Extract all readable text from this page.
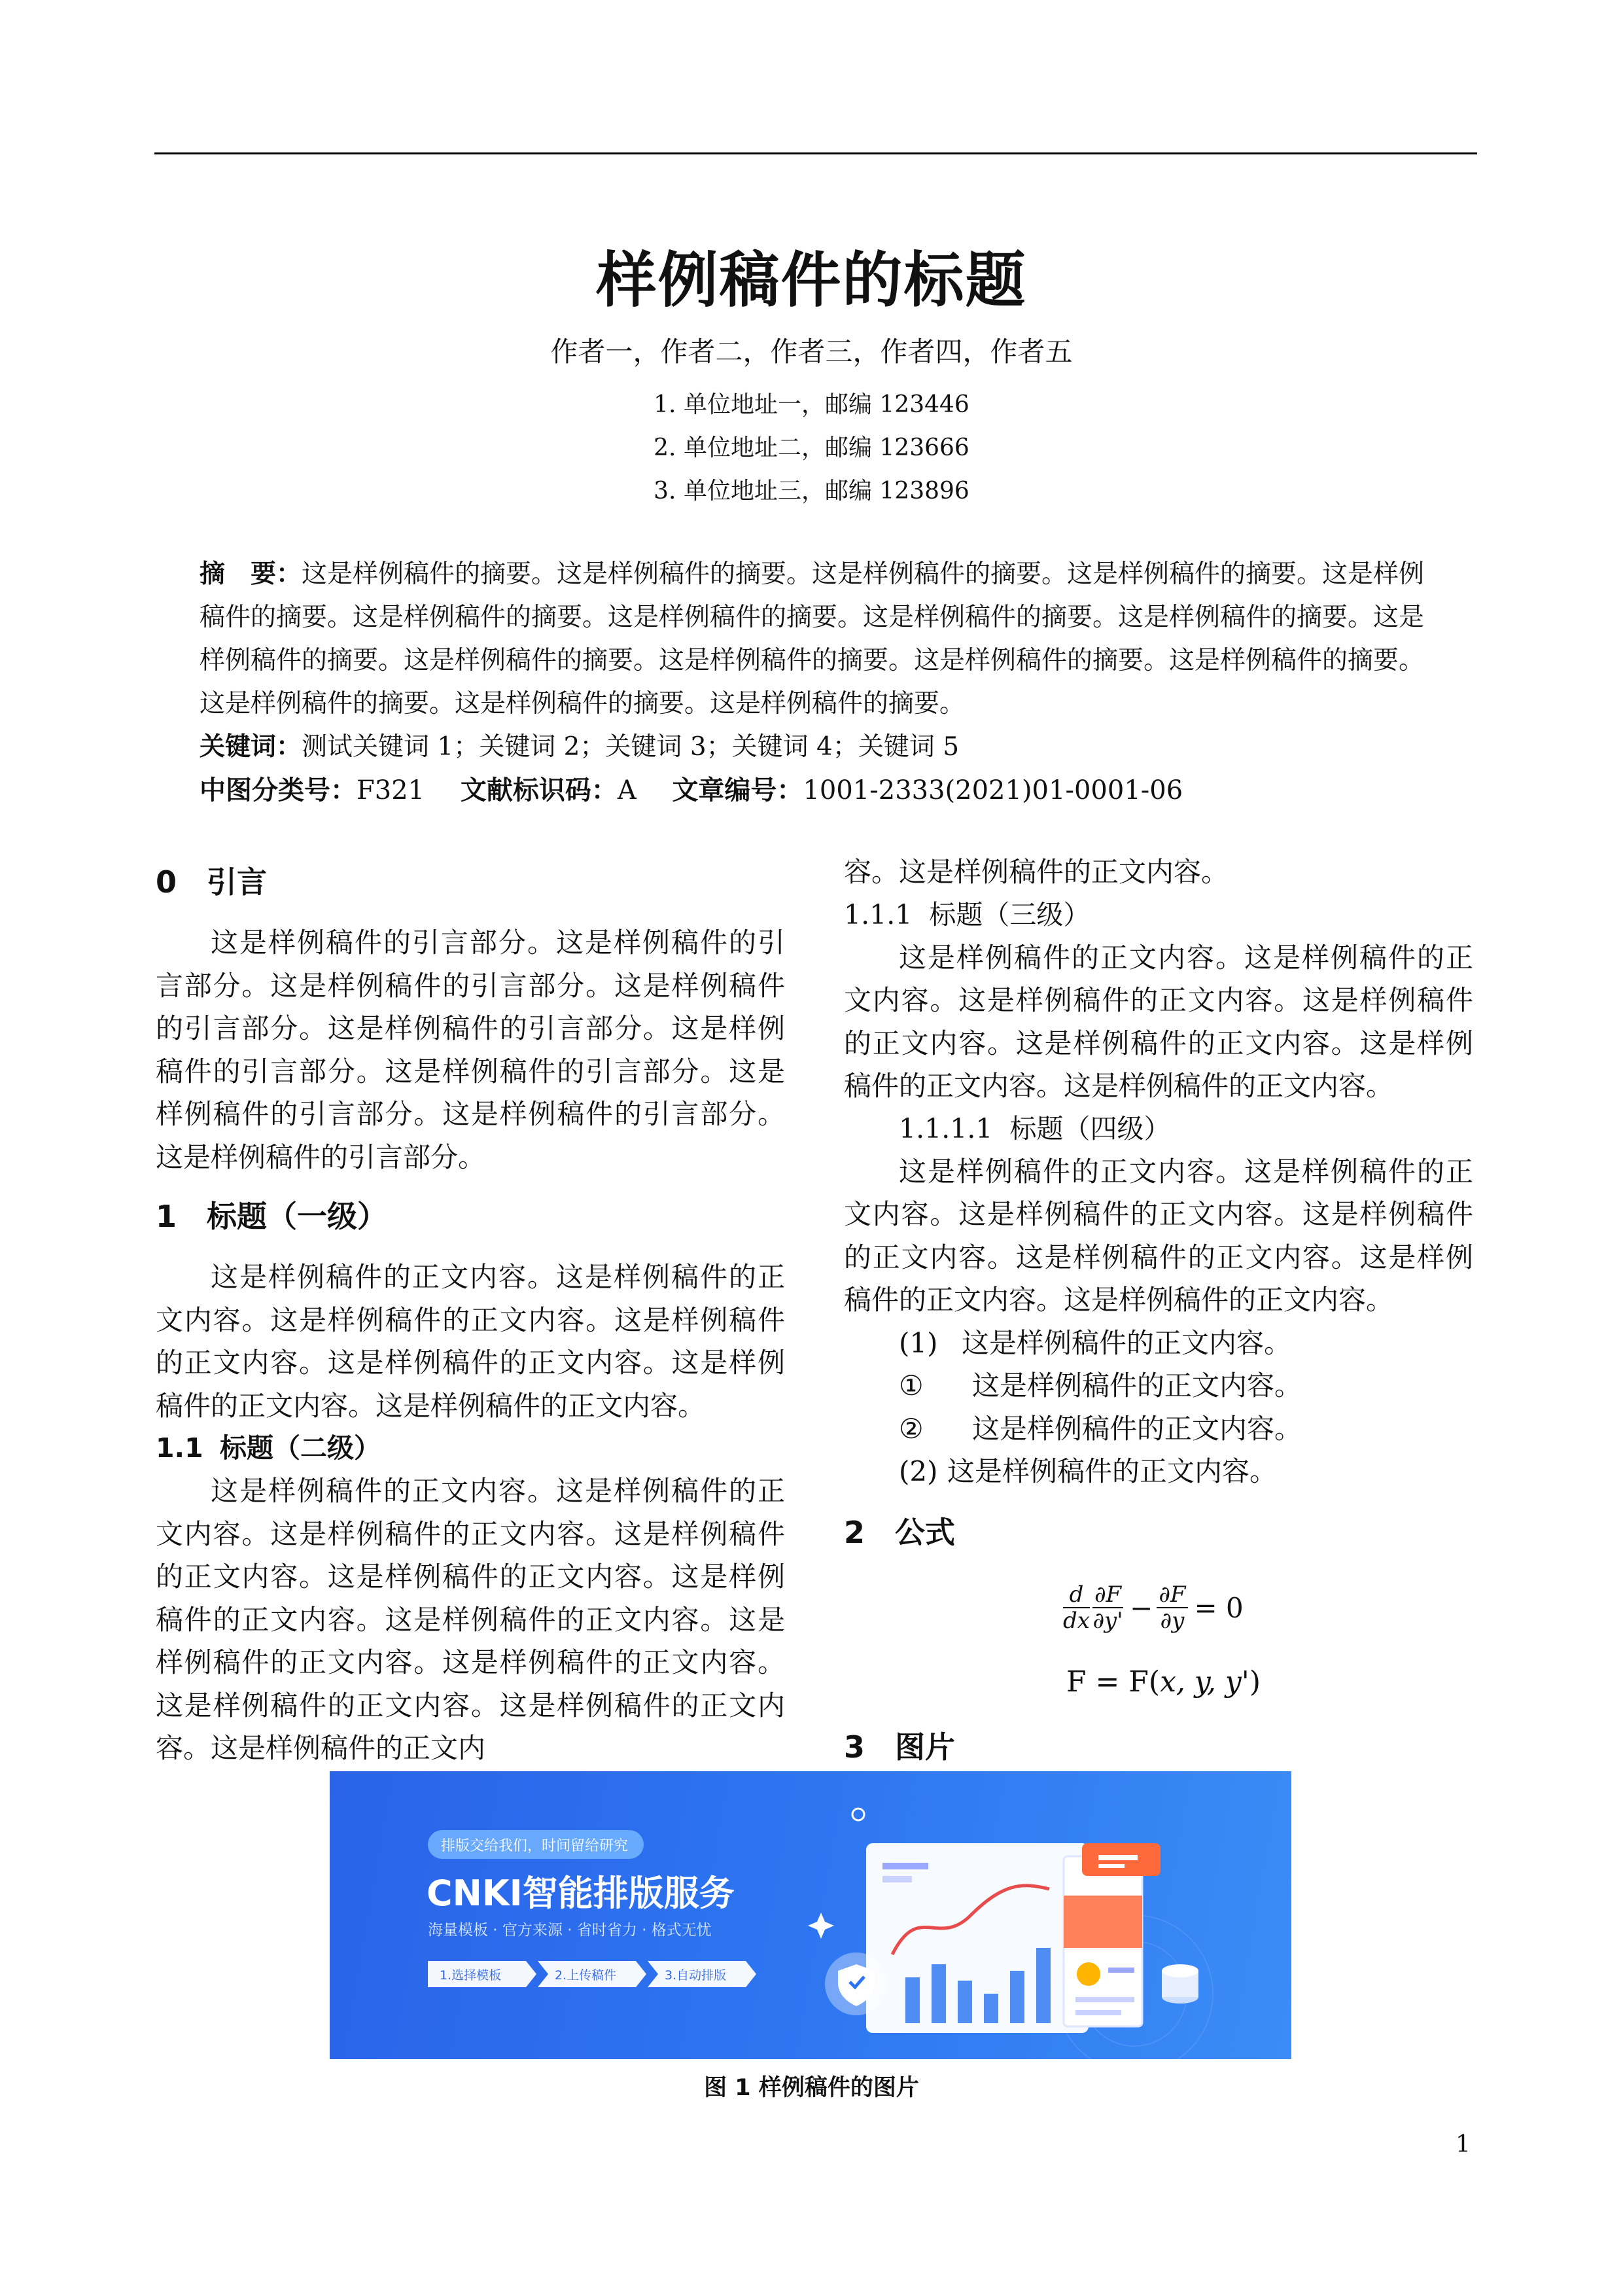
样例稿件的标题
作者一，作者二，作者三，作者四，作者五
1. 单位地址一，邮编 123446
2. 单位地址二，邮编 123666
3. 单位地址三，邮编 123896
摘　要：这是样例稿件的摘要。这是样例稿件的摘要。这是样例稿件的摘要。这是样例稿件的摘要。这是样例稿件的摘要。这是样例稿件的摘要。这是样例稿件的摘要。这是样例稿件的摘要。这是样例稿件的摘要。这是样例稿件的摘要。这是样例稿件的摘要。这是样例稿件的摘要。这是样例稿件的摘要。这是样例稿件的摘要。这是样例稿件的摘要。这是样例稿件的摘要。这是样例稿件的摘要。
关键词：测试关键词 1；关键词 2；关键词 3；关键词 4；关键词 5
中图分类号：F321 文献标识码：A 文章编号：1001-2333(2021)01-0001-06
0 引言
这是样例稿件的引言部分。这是样例稿件的引言部分。这是样例稿件的引言部分。这是样例稿件的引言部分。这是样例稿件的引言部分。这是样例稿件的引言部分。这是样例稿件的引言部分。这是样例稿件的引言部分。这是样例稿件的引言部分。这是样例稿件的引言部分。
1 标题（一级）
这是样例稿件的正文内容。这是样例稿件的正文内容。这是样例稿件的正文内容。这是样例稿件的正文内容。这是样例稿件的正文内容。这是样例稿件的正文内容。这是样例稿件的正文内容。
1.1 标题（二级）
这是样例稿件的正文内容。这是样例稿件的正文内容。这是样例稿件的正文内容。这是样例稿件的正文内容。这是样例稿件的正文内容。这是样例稿件的正文内容。这是样例稿件的正文内容。这是样例稿件的正文内容。这是样例稿件的正文内容。这是样例稿件的正文内容。这是样例稿件的正文内容。这是样例稿件的正文内
容。这是样例稿件的正文内容。
1.1.1 标题（三级）
这是样例稿件的正文内容。这是样例稿件的正文内容。这是样例稿件的正文内容。这是样例稿件的正文内容。这是样例稿件的正文内容。这是样例稿件的正文内容。这是样例稿件的正文内容。
1.1.1.1 标题（四级）
这是样例稿件的正文内容。这是样例稿件的正文内容。这是样例稿件的正文内容。这是样例稿件的正文内容。这是样例稿件的正文内容。这是样例稿件的正文内容。这是样例稿件的正文内容。
(1) 这是样例稿件的正文内容。
① 这是样例稿件的正文内容。
② 这是样例稿件的正文内容。
(2) 这是样例稿件的正文内容。
2 公式
$\frac{d}{dx} \frac{\partial F}{\partial y'} - \frac{\partial F}{\partial y} = 0$
F = F(x, y, y')
3 图片
排版交给我们，时间留给研究
CNKI智能排版服务
海量模板 · 官方来源 · 省时省力 · 格式无忧
1.选择模板	2.上传稿件	3.自动排版
图 1 样例稿件的图片
1
